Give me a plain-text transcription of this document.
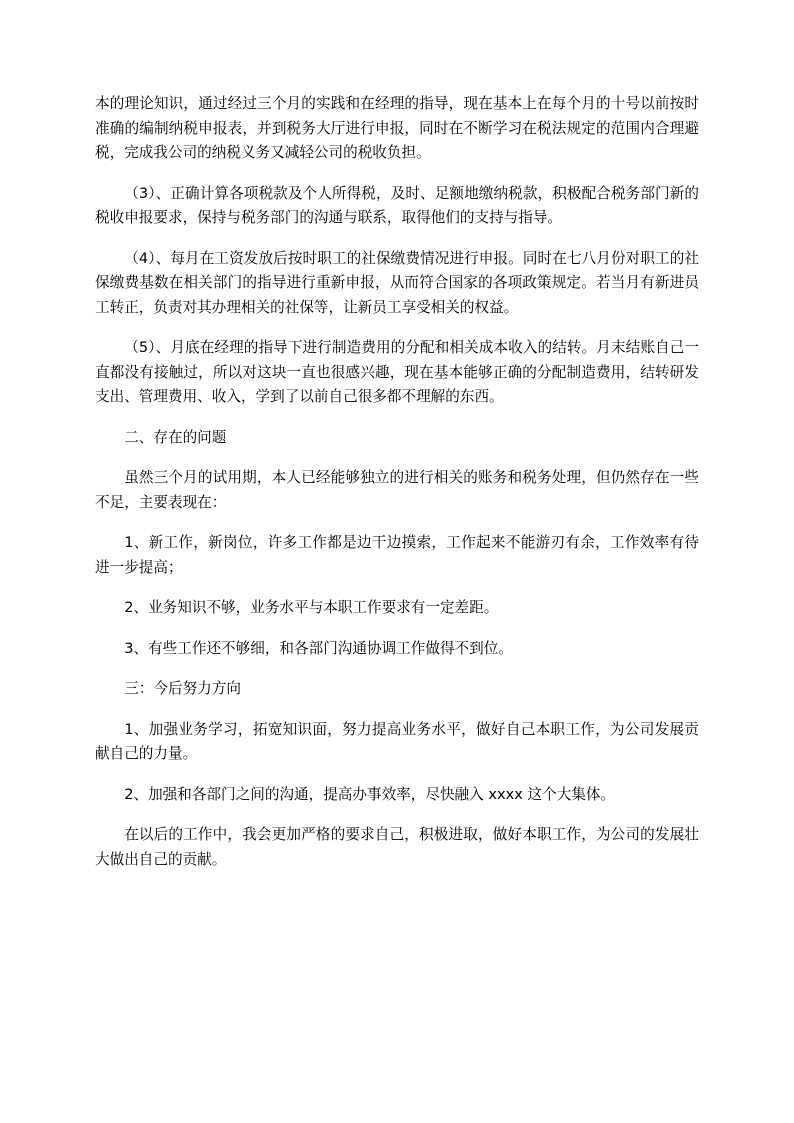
本的理论知识，通过经过三个月的实践和在经理的指导，现在基本上在每个月的十号以前按时准确的编制纳税申报表，并到税务大厅进行申报，同时在不断学习在税法规定的范围内合理避税，完成我公司的纳税义务又减轻公司的税收负担。

（3）、正确计算各项税款及个人所得税，及时、足额地缴纳税款，积极配合税务部门新的税收申报要求，保持与税务部门的沟通与联系，取得他们的支持与指导。

（4）、每月在工资发放后按时职工的社保缴费情况进行申报。同时在七八月份对职工的社保缴费基数在相关部门的指导进行重新申报，从而符合国家的各项政策规定。若当月有新进员工转正，负责对其办理相关的社保等，让新员工享受相关的权益。

（5）、月底在经理的指导下进行制造费用的分配和相关成本收入的结转。月末结账自己一直都没有接触过，所以对这块一直也很感兴趣，现在基本能够正确的分配制造费用，结转研发支出、管理费用、收入，学到了以前自己很多都不理解的东西。

二、存在的问题

虽然三个月的试用期，本人已经能够独立的进行相关的账务和税务处理，但仍然存在一些不足，主要表现在：

1、新工作，新岗位，许多工作都是边干边摸索，工作起来不能游刃有余，工作效率有待进一步提高；

2、业务知识不够，业务水平与本职工作要求有一定差距。

3、有些工作还不够细，和各部门沟通协调工作做得不到位。

三：今后努力方向

1、加强业务学习，拓宽知识面，努力提高业务水平，做好自己本职工作，为公司发展贡献自己的力量。

2、加强和各部门之间的沟通，提高办事效率，尽快融入 xxxx 这个大集体。

在以后的工作中，我会更加严格的要求自己，积极进取，做好本职工作，为公司的发展壮大做出自己的贡献。
